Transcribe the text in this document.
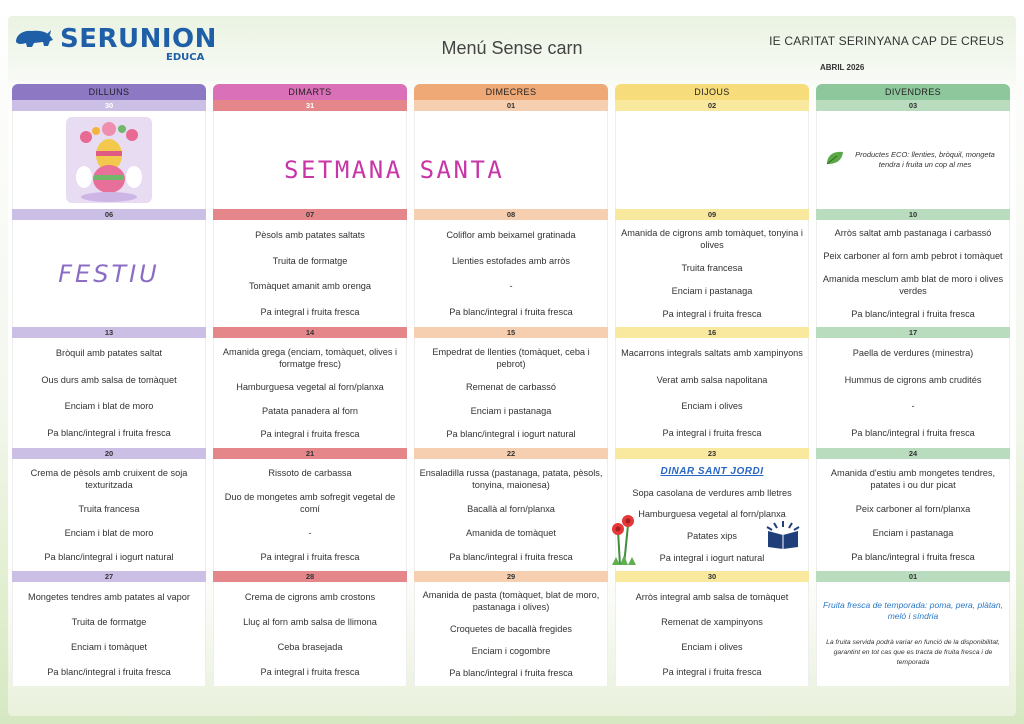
SERUNION
EDUCA	Menú Sense carn	IE CARITAT SERINYANA CAP DE CREUS
ABRIL 2026
DILLUNS
30
06
FESTIU
13
Bròquil amb patates saltat
Ous durs amb salsa de tomàquet
Enciam i blat de moro
Pa blanc/integral i fruita fresca
20
Crema de pèsols amb cruixent de soja texturitzada
Truita francesa
Enciam i blat de moro
Pa blanc/integral i iogurt natural
27
Mongetes tendres amb patates al vapor
Truita de formatge
Enciam i tomàquet
Pa blanc/integral i fruita fresca
DIMARTS
31
07
Pèsols amb patates saltats
Truita de formatge
Tomàquet amanit amb orenga
Pa integral i fruita fresca
14
Amanida grega (enciam, tomàquet, olives i formatge fresc)
Hamburguesa vegetal al forn/planxa
Patata panadera al forn
Pa integral i fruita fresca
21
Rissoto de carbassa
Duo de mongetes amb sofregit vegetal de comí
-
Pa integral i fruita fresca
28
Crema de cigrons amb crostons
Lluç al forn amb salsa de llimona
Ceba brasejada
Pa integral i fruita fresca
DIMECRES
01
08
Coliflor amb beixamel gratinada
Llenties estofades amb arròs
-
Pa blanc/integral i fruita fresca
15
Empedrat de llenties (tomàquet, ceba i pebrot)
Remenat de carbassó
Enciam i pastanaga
Pa blanc/integral i iogurt natural
22
Ensaladilla russa (pastanaga, patata, pèsols, tonyina, maionesa)
Bacallà al forn/planxa
Amanida de tomàquet
Pa blanc/integral i fruita fresca
29
Amanida de pasta (tomàquet, blat de moro, pastanaga i olives)
Croquetes de bacallà fregides
Enciam i cogombre
Pa blanc/integral i fruita fresca
DIJOUS
02
09
Amanida de cigrons amb tomàquet, tonyina i olives
Truita francesa
Enciam i pastanaga
Pa integral i fruita fresca
16
Macarrons integrals saltats amb xampinyons
Verat amb salsa napolitana
Enciam i olives
Pa integral i fruita fresca
23
DINAR SANT JORDI
Sopa casolana de verdures amb lletres
Hamburguesa vegetal al forn/planxa
Patates xips
Pa integral i iogurt natural
30
Arròs integral amb salsa de tomàquet
Remenat de xampinyons
Enciam i olives
Pa integral i fruita fresca
DIVENDRES
03
Productes ECO: llenties, bròquil, mongeta tendra i fruita un cop al mes
10
Arròs saltat amb pastanaga i carbassó
Peix carboner al forn amb pebrot i tomàquet
Amanida mesclum amb blat de moro i olives verdes
Pa blanc/integral i fruita fresca
17
Paella de verdures (minestra)
Hummus de cigrons amb crudités
-
Pa blanc/integral i fruita fresca
24
Amanida d'estiu amb mongetes tendres, patates i ou dur picat
Peix carboner al forn/planxa
Enciam i pastanaga
Pa blanc/integral i fruita fresca
01
Fruita fresca de temporada: poma, pera, plàtan, meló i síndria
La fruita servida podrà variar en funció de la disponibilitat, garantint en tot cas que es tracta de fruita fresca i de temporada
SETMANA SANTA
